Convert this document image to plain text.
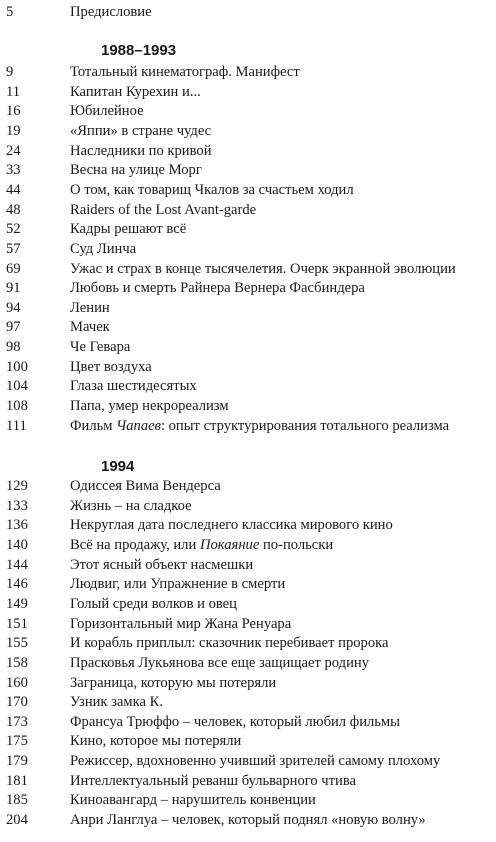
5	Предисловие
1988–1993
9	Тотальный кинематограф. Манифест
11	Капитан Курехин и...
16	Юбилейное
19	«Яппи» в стране чудес
24	Наследники по кривой
33	Весна на улице Морг
44	О том, как товарищ Чкалов за счастьем ходил
48	Raiders of the Lost Avant-garde
52	Кадры решают всё
57	Суд Линча
69	Ужас и страх в конце тысячелетия. Очерк экранной эволюции
91	Любовь и смерть Райнера Вернера Фасбиндера
94	Ленин
97	Мачек
98	Че Гевара
100	Цвет воздуха
104	Глаза шестидесятых
108	Папа, умер некрореализм
111	Фильм Чапаев: опыт структурирования тотального реализма
1994
129	Одиссея Вима Вендерса
133	Жизнь – на сладкое
136	Некруглая дата последнего классика мирового кино
140	Всё на продажу, или Покаяние по-польски
144	Этот ясный объект насмешки
146	Людвиг, или Упражнение в смерти
149	Голый среди волков и овец
151	Горизонтальный мир Жана Ренуара
155	И корабль приплыл: сказочник перебивает пророка
158	Прасковья Лукьянова все еще защищает родину
160	Заграница, которую мы потеряли
170	Узник замка К.
173	Франсуа Трюффо – человек, который любил фильмы
175	Кино, которое мы потеряли
179	Режиссер, вдохновенно учивший зрителей самому плохому
181	Интеллектуальный реванш бульварного чтива
185	Киноавангард – нарушитель конвенции
204	Анри Ланглуа – человек, который поднял «новую волну»
